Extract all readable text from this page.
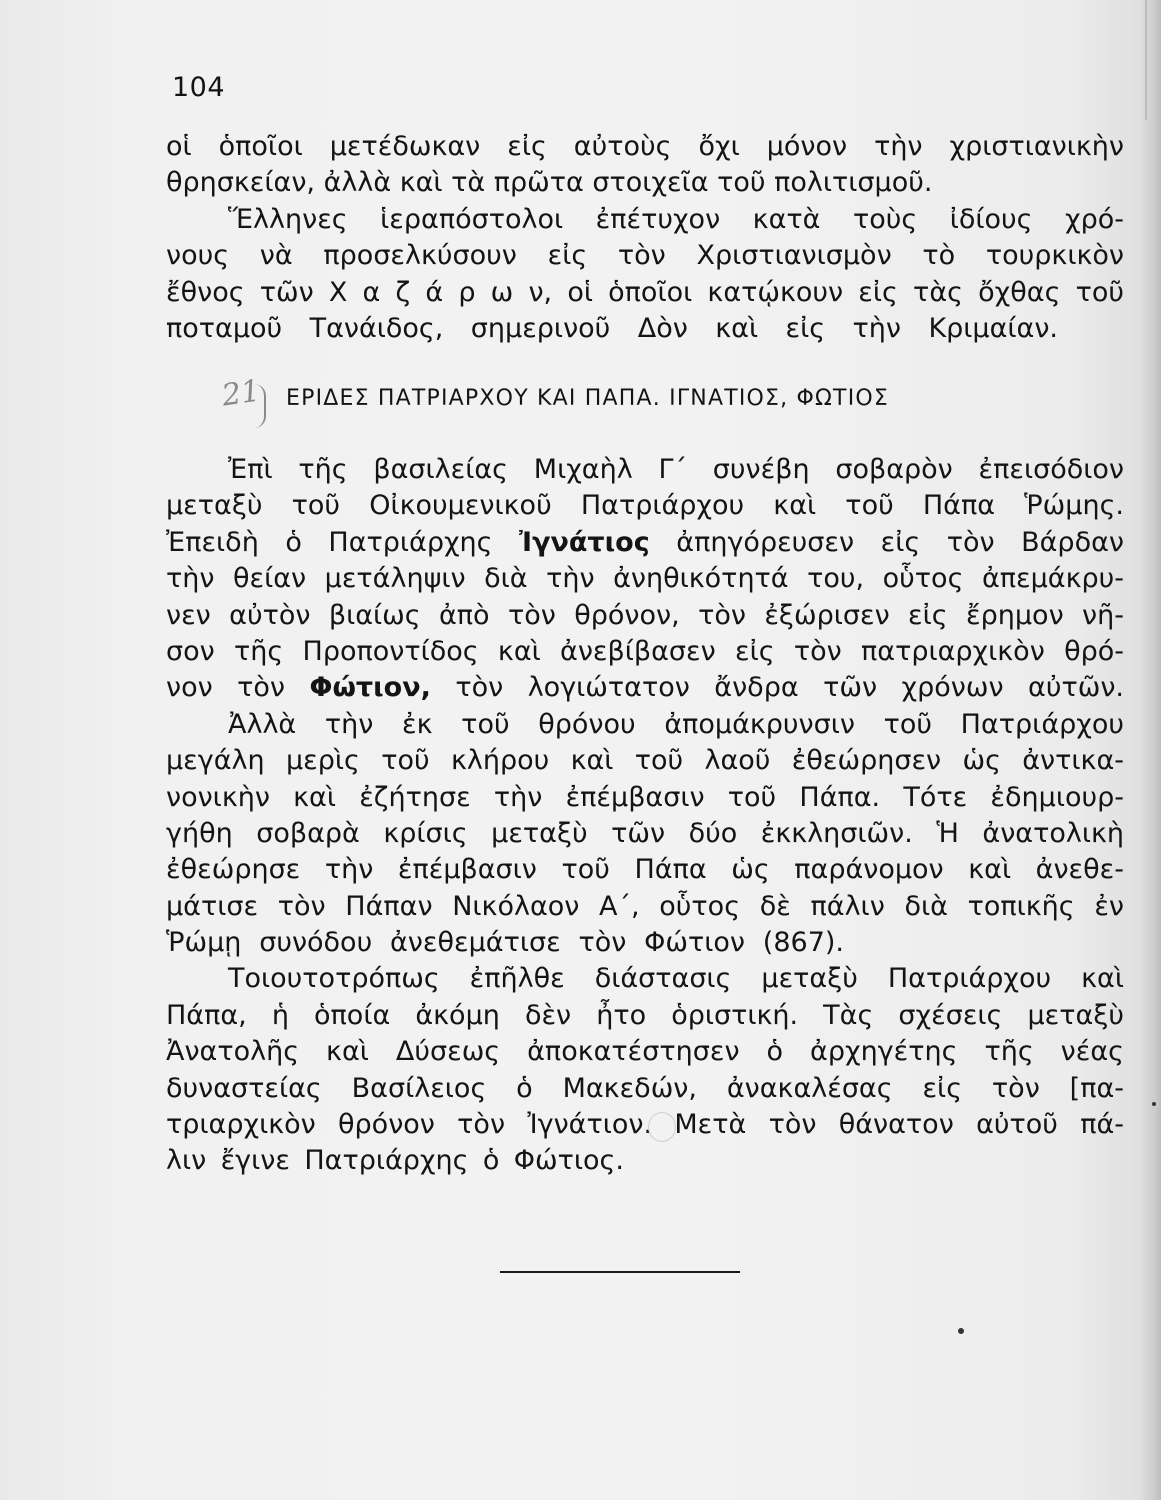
104
οἱ ὁποῖοι μετέδωκαν εἰς αὐτοὺς ὄχι μόνον τὴν χριστιανικὴν
θρησκείαν, ἀλλὰ καὶ τὰ πρῶτα στοιχεῖα τοῦ πολιτισμοῦ.
Ἕλληνες ἱεραπόστολοι ἐπέτυχον κατὰ τοὺς ἰδίους χρό-
νους νὰ προσελκύσουν εἰς τὸν Χριστιανισμὸν τὸ τουρκικὸν
ἔθνος τῶν Χ α ζ ά ρ ω ν, οἱ ὁποῖοι κατῴκουν εἰς τὰς ὄχθας τοῦ
ποταμοῦ Τανάιδος, σημερινοῦ Δὸν καὶ εἰς τὴν Κριμαίαν.
21 ΕΡΙΔΕΣ ΠΑΤΡΙΑΡΧΟΥ ΚΑΙ ΠΑΠΑ. ΙΓΝΑΤΙΟΣ, ΦΩΤΙΟΣ
Ἐπὶ τῆς βασιλείας Μιχαὴλ Γ΄ συνέβη σοβαρὸν ἐπεισόδιον
μεταξὺ τοῦ Οἰκουμενικοῦ Πατριάρχου καὶ τοῦ Πάπα Ῥώμης.
Ἐπειδὴ ὁ Πατριάρχης Ἰγνάτιος ἀπηγόρευσεν εἰς τὸν Βάρδαν
τὴν θείαν μετάληψιν διὰ τὴν ἀνηθικότητά του, οὗτος ἀπεμάκρυ-
νεν αὐτὸν βιαίως ἀπὸ τὸν θρόνον, τὸν ἐξώρισεν εἰς ἔρημον νῆ-
σον τῆς Προποντίδος καὶ ἀνεβίβασεν εἰς τὸν πατριαρχικὸν θρό-
νον τὸν Φώτιον, τὸν λογιώτατον ἄνδρα τῶν χρόνων αὐτῶν.
Ἀλλὰ τὴν ἐκ τοῦ θρόνου ἀπομάκρυνσιν τοῦ Πατριάρχου
μεγάλη μερὶς τοῦ κλήρου καὶ τοῦ λαοῦ ἐθεώρησεν ὡς ἀντικα-
νονικὴν καὶ ἐζήτησε τὴν ἐπέμβασιν τοῦ Πάπα. Τότε ἐδημιουρ-
γήθη σοβαρὰ κρίσις μεταξὺ τῶν δύο ἐκκλησιῶν. Ἡ ἀνατολικὴ
ἐθεώρησε τὴν ἐπέμβασιν τοῦ Πάπα ὡς παράνομον καὶ ἀνεθε-
μάτισε τὸν Πάπαν Νικόλαον Α΄, οὗτος δὲ πάλιν διὰ τοπικῆς ἐν
Ῥώμῃ συνόδου ἀνεθεμάτισε τὸν Φώτιον (867).
Τοιουτοτρόπως ἐπῆλθε διάστασις μεταξὺ Πατριάρχου καὶ
Πάπα, ἡ ὁποία ἀκόμη δὲν ἦτο ὁριστική. Τὰς σχέσεις μεταξὺ
Ἀνατολῆς καὶ Δύσεως ἀποκατέστησεν ὁ ἀρχηγέτης τῆς νέας
δυναστείας Βασίλειος ὁ Μακεδών, ἀνακαλέσας εἰς τὸν [πα-
τριαρχικὸν θρόνον τὸν Ἰγνάτιον. Μετὰ τὸν θάνατον αὐτοῦ πά-
λιν ἔγινε Πατριάρχης ὁ Φώτιος.
